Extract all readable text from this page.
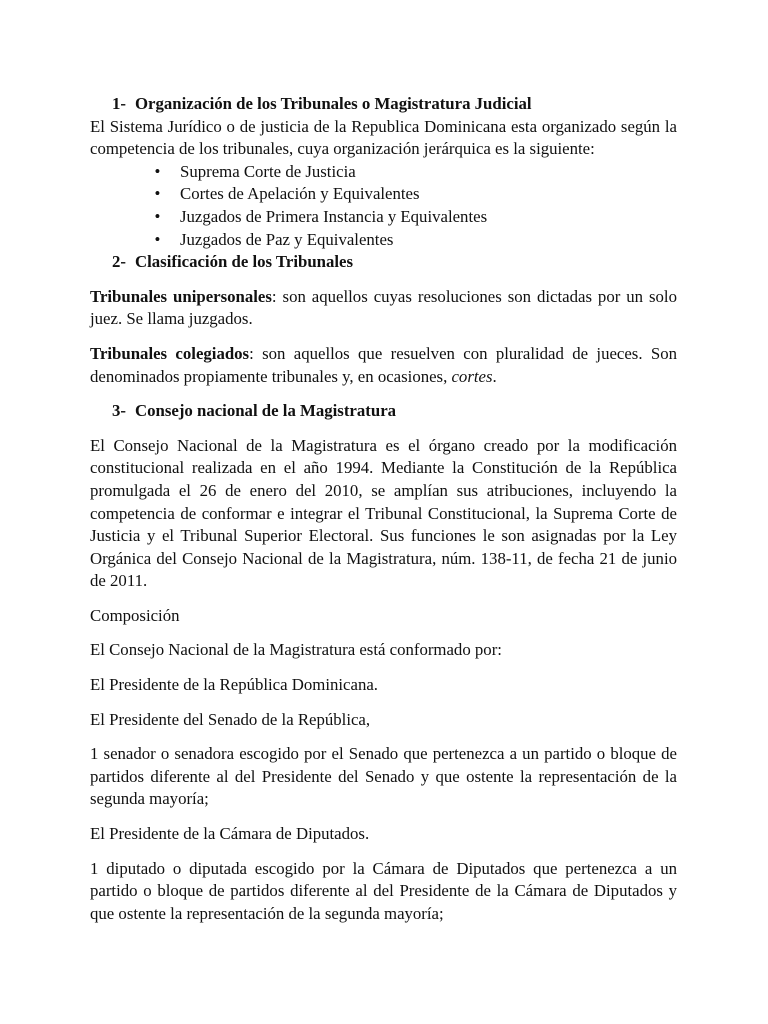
1- Organización de los Tribunales o Magistratura Judicial

El Sistema Jurídico o de justicia de la Republica Dominicana esta organizado según la competencia de los tribunales, cuya organización jerárquica es la siguiente:

•	Suprema Corte de Justicia
•	Cortes de Apelación y Equivalentes
•	Juzgados de Primera Instancia y Equivalentes
•	Juzgados de Paz y Equivalentes
2- Clasificación de los Tribunales

Tribunales unipersonales: son aquellos cuyas resoluciones son dictadas por un solo juez. Se llama juzgados.

Tribunales colegiados: son aquellos que resuelven con pluralidad de jueces. Son denominados propiamente tribunales y, en ocasiones, cortes.

3- Consejo nacional de la Magistratura

El Consejo Nacional de la Magistratura es el órgano creado por la modificación constitucional realizada en el año 1994. Mediante la Constitución de la República promulgada el 26 de enero del 2010, se amplían sus atribuciones, incluyendo la competencia de conformar e integrar el Tribunal Constitucional, la Suprema Corte de Justicia y el Tribunal Superior Electoral. Sus funciones le son asignadas por la Ley Orgánica del Consejo Nacional de la Magistratura, núm. 138-11, de fecha 21 de junio de 2011.

Composición

El Consejo Nacional de la Magistratura está conformado por:

El Presidente de la República Dominicana.

El Presidente del Senado de la República,

1 senador o senadora escogido por el Senado que pertenezca a un partido o bloque de partidos diferente al del Presidente del Senado y que ostente la representación de la segunda mayoría;

El Presidente de la Cámara de Diputados.

1 diputado o diputada escogido por la Cámara de Diputados que pertenezca a un partido o bloque de partidos diferente al del Presidente de la Cámara de Diputados y que ostente la representación de la segunda mayoría;
